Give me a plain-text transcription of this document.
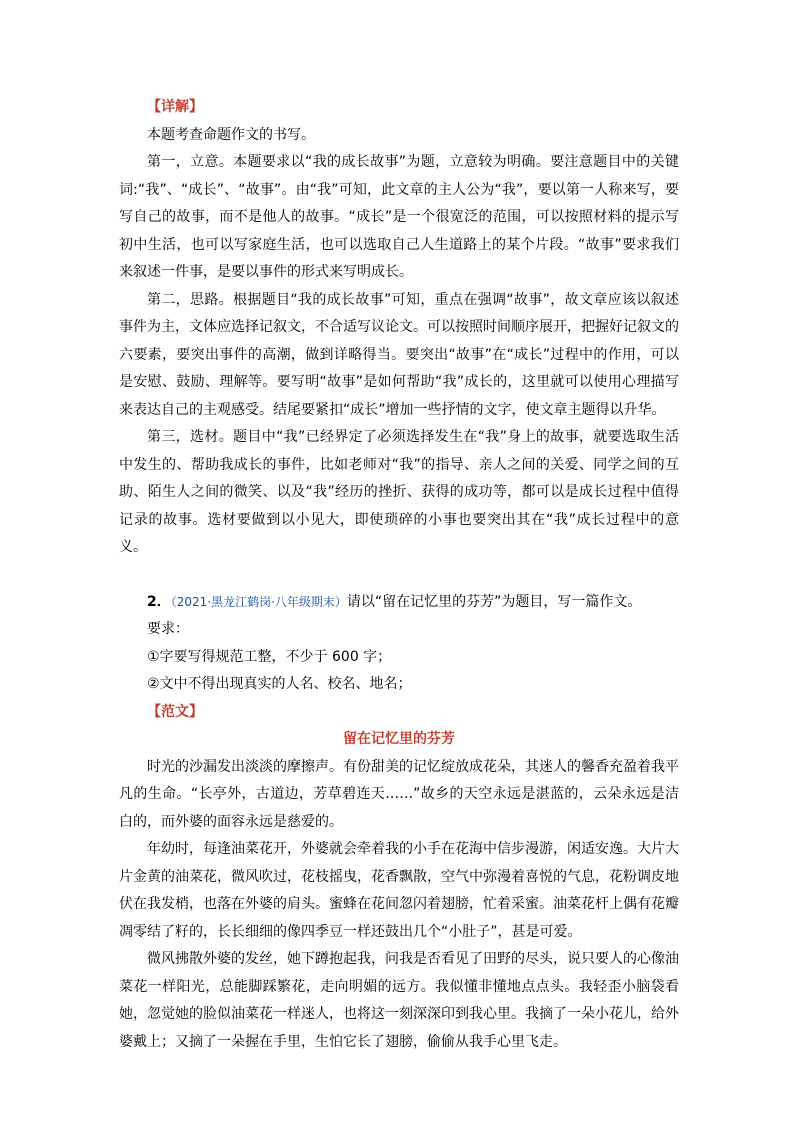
【详解】

本题考查命题作文的书写。

第一，立意。本题要求以“我的成长故事”为题，立意较为明确。要注意题目中的关键词:“我”、“成长”、“故事”。由“我”可知，此文章的主人公为“我”，要以第一人称来写，要写自己的故事，而不是他人的故事。“成长”是一个很宽泛的范围，可以按照材料的提示写初中生活，也可以写家庭生活，也可以选取自己人生道路上的某个片段。“故事”要求我们来叙述一件事，是要以事件的形式来写明成长。

第二，思路。根据题目“我的成长故事”可知，重点在强调“故事”，故文章应该以叙述事件为主，文体应选择记叙文，不合适写议论文。可以按照时间顺序展开，把握好记叙文的六要素，要突出事件的高潮，做到详略得当。要突出“故事”在“成长”过程中的作用，可以是安慰、鼓励、理解等。要写明“故事”是如何帮助“我”成长的，这里就可以使用心理描写来表达自己的主观感受。结尾要紧扣“成长”增加一些抒情的文字，使文章主题得以升华。

第三，选材。题目中“我”已经界定了必须选择发生在“我”身上的故事，就要选取生活中发生的、帮助我成长的事件，比如老师对“我”的指导、亲人之间的关爱、同学之间的互助、陌生人之间的微笑、以及“我”经历的挫折、获得的成功等，都可以是成长过程中值得记录的故事。选材要做到以小见大，即使琐碎的小事也要突出其在“我”成长过程中的意义。

2．（2021·黑龙江鹤岗·八年级期末）请以“留在记忆里的芬芳”为题目，写一篇作文。

要求：

①字要写得规范工整，不少于 600 字；

②文中不得出现真实的人名、校名、地名；

【范文】

留在记忆里的芬芳

时光的沙漏发出淡淡的摩擦声。有份甜美的记忆绽放成花朵，其迷人的馨香充盈着我平凡的生命。“长亭外，古道边，芳草碧连天……”故乡的天空永远是湛蓝的，云朵永远是洁白的，而外婆的面容永远是慈爱的。

年幼时，每逢油菜花开，外婆就会牵着我的小手在花海中信步漫游，闲适安逸。大片大片金黄的油菜花，微风吹过，花枝摇曳，花香飘散，空气中弥漫着喜悦的气息，花粉调皮地伏在我发梢，也落在外婆的肩头。蜜蜂在花间忽闪着翅膀，忙着采蜜。油菜花杆上偶有花瓣凋零结了籽的，长长细细的像四季豆一样还鼓出几个“小肚子”，甚是可爱。

微风拂散外婆的发丝，她下蹲抱起我，问我是否看见了田野的尽头，说只要人的心像油菜花一样阳光，总能脚踩繁花，走向明媚的远方。我似懂非懂地点点头。我轻歪小脑袋看她，忽觉她的脸似油菜花一样迷人，也将这一刻深深印到我心里。我摘了一朵小花儿，给外婆戴上；又摘了一朵握在手里，生怕它长了翅膀，偷偷从我手心里飞走。
